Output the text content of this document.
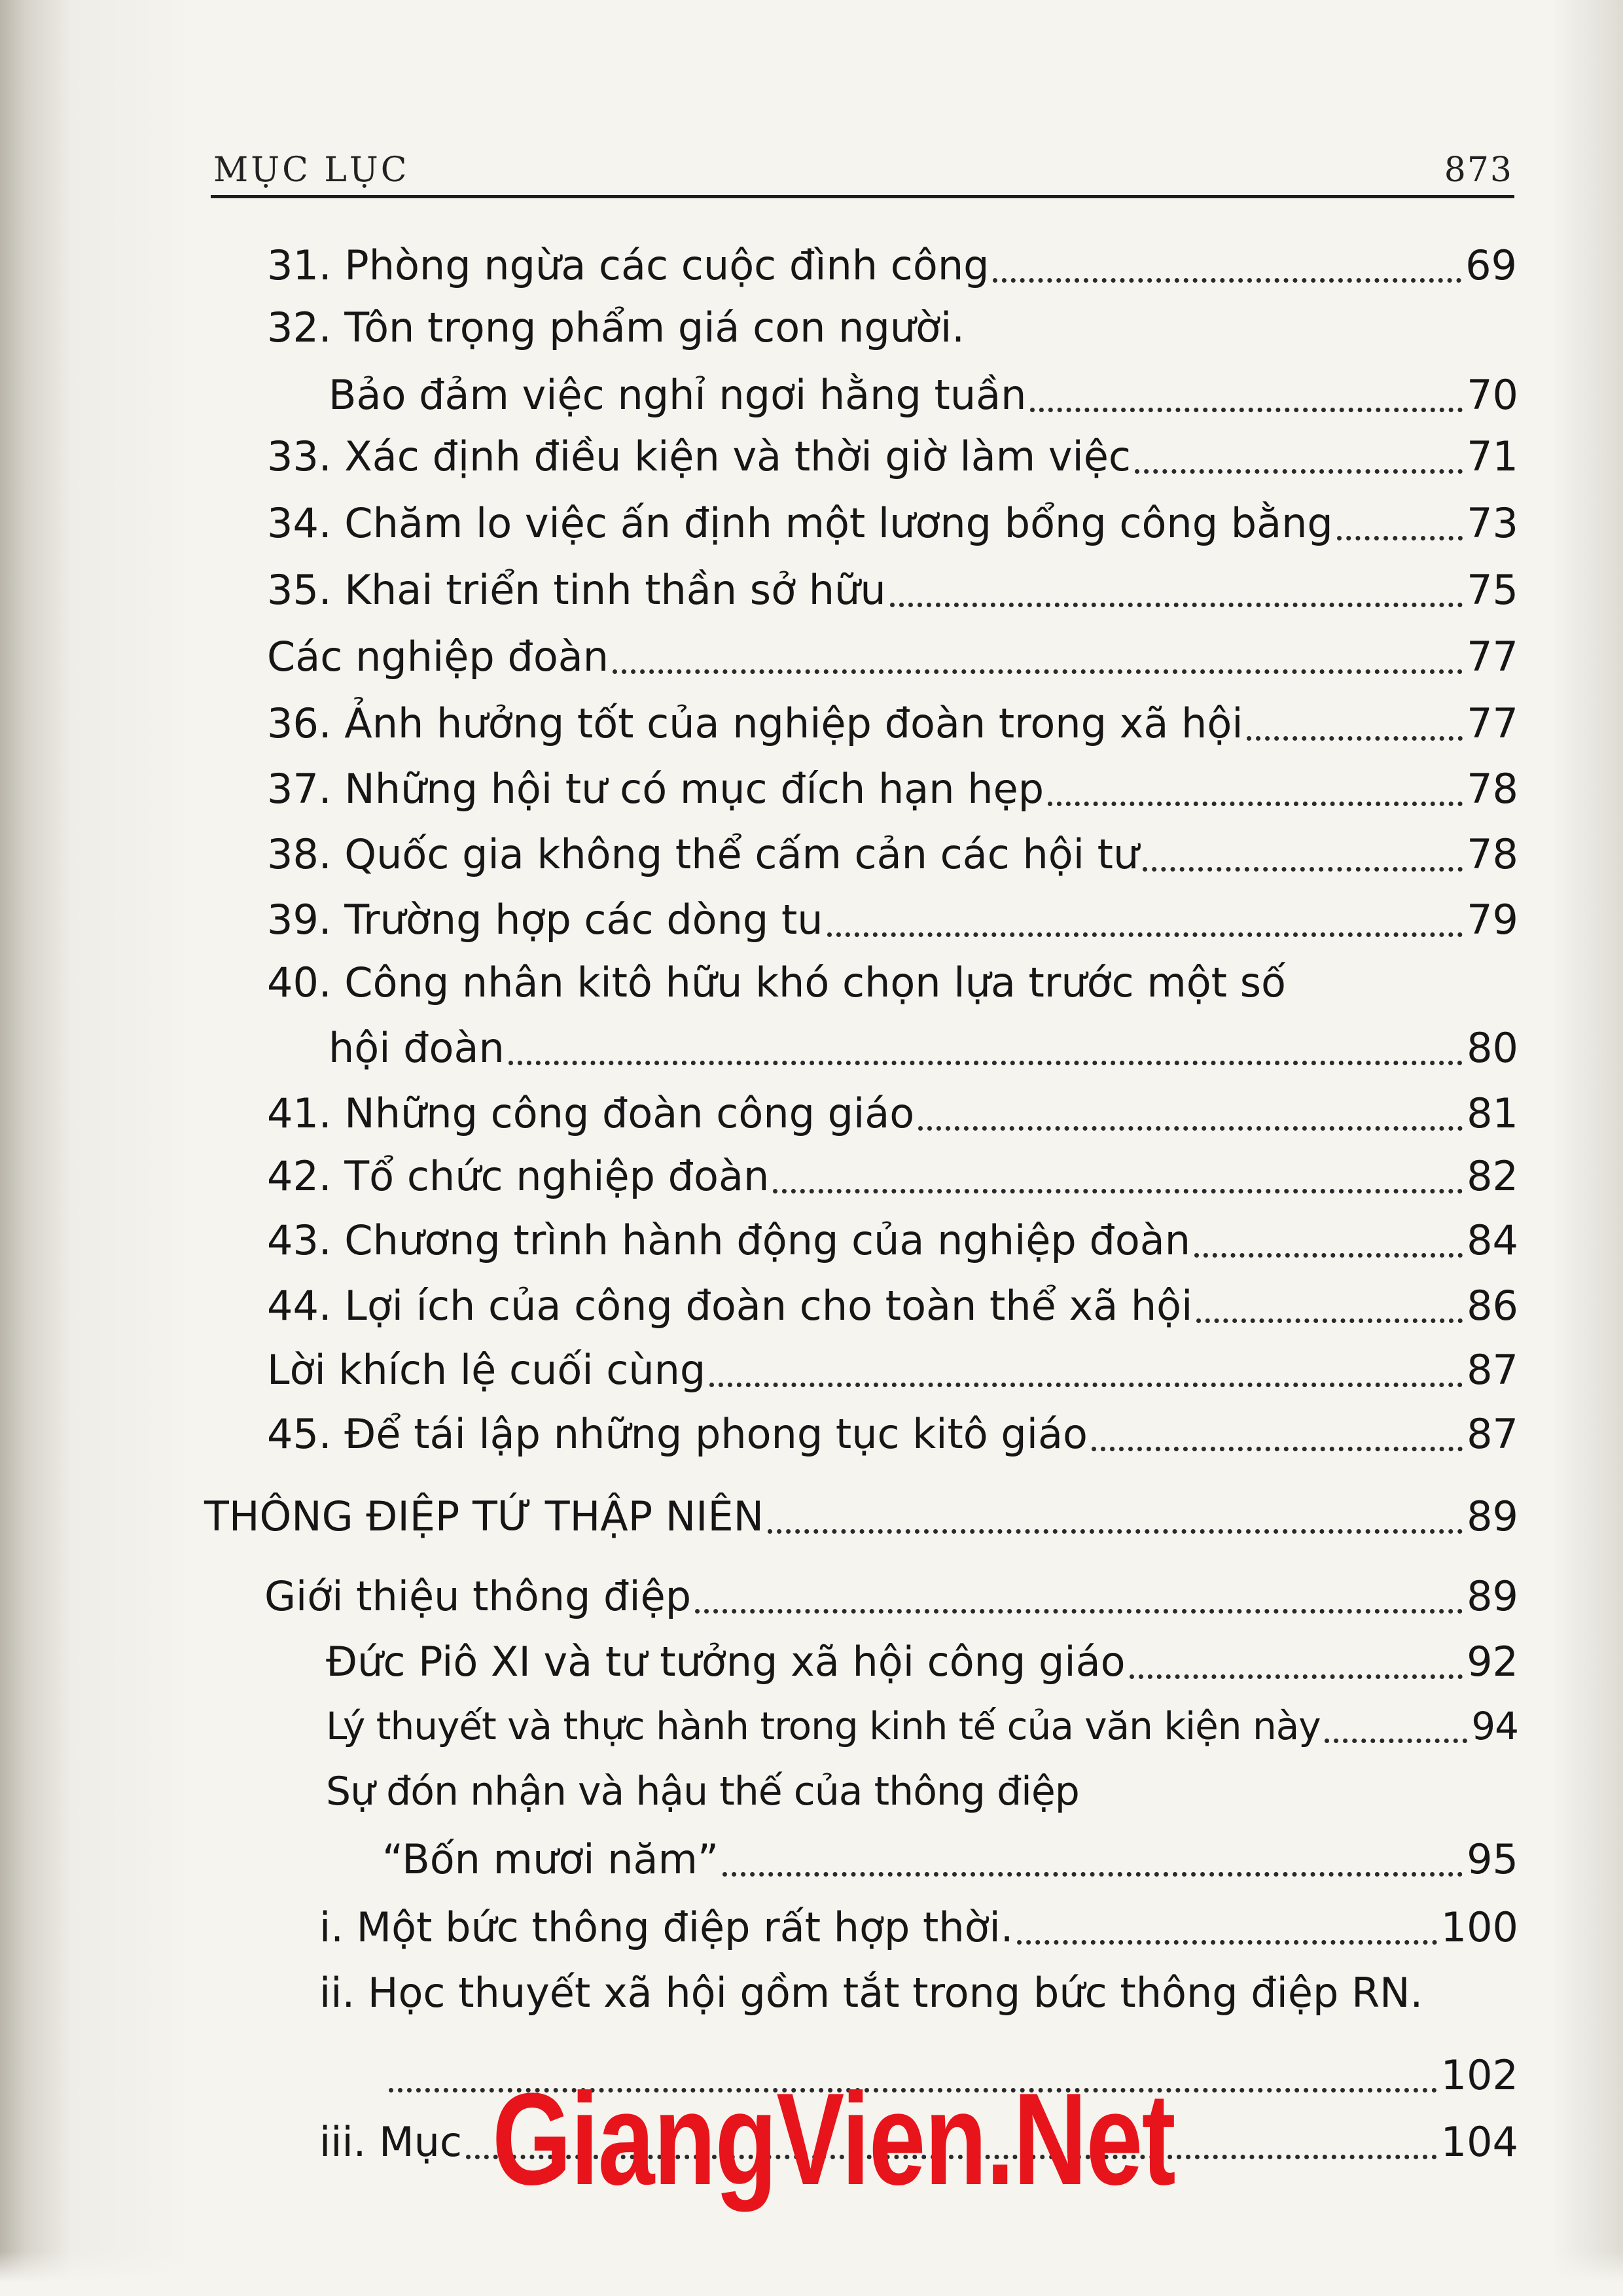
MỤC LỤC	873
31. Phòng ngừa các cuộc đình công	69
32. Tôn trọng phẩm giá con người.
Bảo đảm việc nghỉ ngơi hằng tuần	70
33. Xác định điều kiện và thời giờ làm việc	71
34. Chăm lo việc ấn định một lương bổng công bằng	73
35. Khai triển tinh thần sở hữu	75
Các nghiệp đoàn	77
36. Ảnh hưởng tốt của nghiệp đoàn trong xã hội	77
37. Những hội tư có mục đích hạn hẹp	78
38. Quốc gia không thể cấm cản các hội tư	78
39. Trường hợp các dòng tu	79
40. Công nhân kitô hữu khó chọn lựa trước một số
hội đoàn	80
41. Những công đoàn công giáo	81
42. Tổ chức nghiệp đoàn	82
43. Chương trình hành động của nghiệp đoàn	84
44. Lợi ích của công đoàn cho toàn thể xã hội	86
Lời khích lệ cuối cùng	87
45. Để tái lập những phong tục kitô giáo	87
THÔNG ĐIỆP TỨ THẬP NIÊN	89
Giới thiệu thông điệp	89
Đức Piô XI và tư tưởng xã hội công giáo	92
Lý thuyết và thực hành trong kinh tế của văn kiện này	94
Sự đón nhận và hậu thế của thông điệp
“Bốn mươi năm”	95
i. Một bức thông điệp rất hợp thời.	100
ii. Học thuyết xã hội gồm tắt trong bức thông điệp RN.
102
iii. Mục	104
GiangVien.Net
